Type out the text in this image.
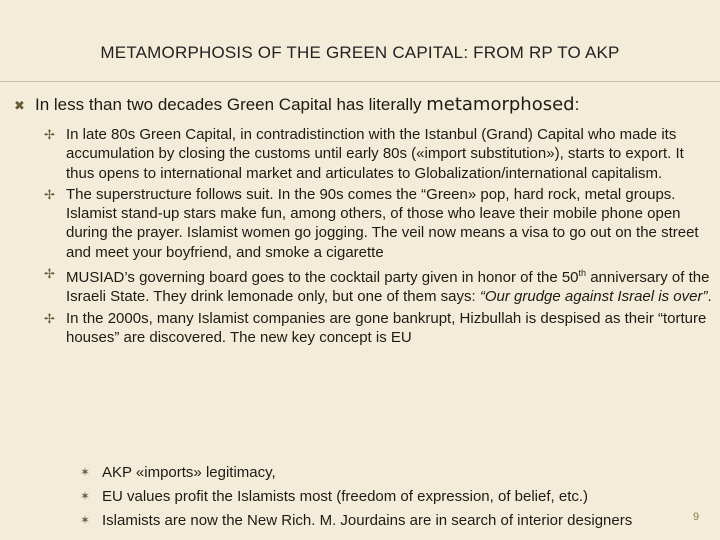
METAMORPHOSIS OF THE GREEN CAPITAL: FROM RP TO AKP
✖ In less than two decades Green Capital has literally metamorphosed:
✢ In late 80s Green Capital, in contradistinction with the Istanbul (Grand) Capital who made its accumulation by closing the customs until early 80s («import substitution»), starts to export. It thus opens to international market and articulates to Globalization/international capitalism.
✢ The superstructure follows suit. In the 90s comes the “Green» pop, hard rock, metal groups. Islamist stand-up stars make fun, among others, of those who leave their mobile phone open during the prayer. Islamist women go jogging. The veil now means a visa to go out on the street and meet your boyfriend, and smoke a cigarette
✢ MUSIAD’s governing board goes to the cocktail party given in honor of the 50th anniversary of the Israeli State. They drink lemonade only, but one of them says: “Our grudge against Israel is over”.
✢ In the 2000s, many Islamist companies are gone bankrupt, Hizbullah is despised as their “torture houses” are discovered. The new key concept is EU
✶ AKP «imports» legitimacy,
✶ EU values profit the Islamists most (freedom of expression, of belief, etc.)
✶ Islamists are now the New Rich. M. Jourdains are in search of interior designers	9
